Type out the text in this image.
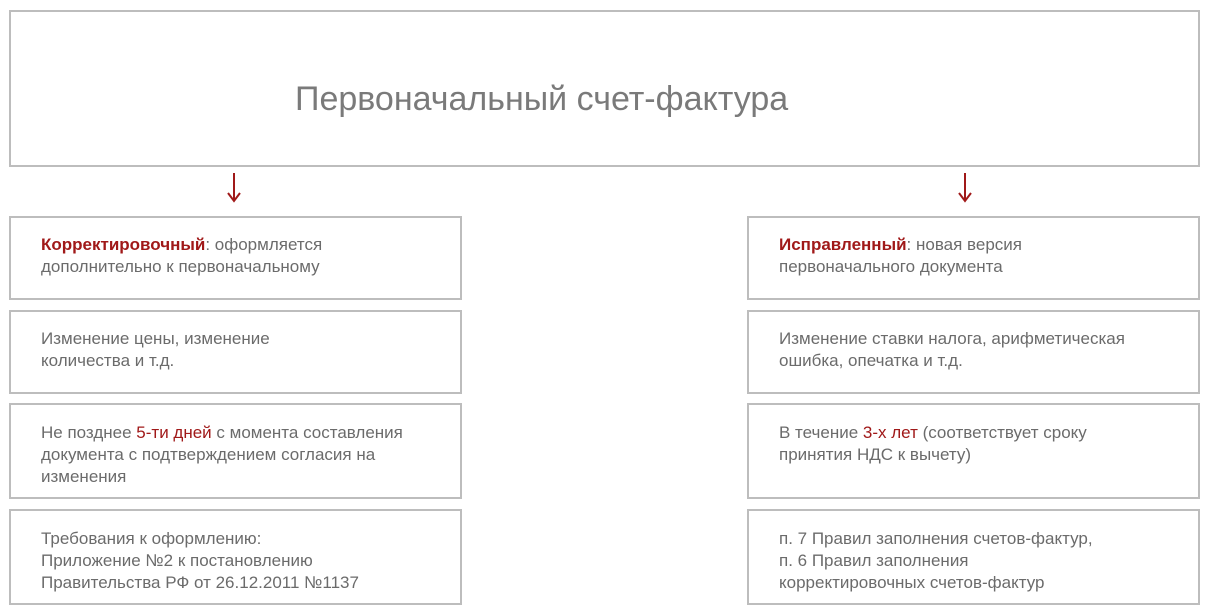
Первоначальный счет-фактура
Корректировочный: оформляется
дополнительно к первоначальному
Изменение цены, изменение
количества и т.д.
Не позднее 5-ти дней с момента составления
документа с подтверждением согласия на
изменения
Требования к оформлению:
Приложение №2 к постановлению
Правительства РФ от 26.12.2011 №1137
Исправленный: новая версия
первоначального документа
Изменение ставки налога, арифметическая
ошибка, опечатка и т.д.
В течение 3-х лет (соответствует сроку
принятия НДС к вычету)
п. 7 Правил заполнения счетов-фактур,
п. 6 Правил заполнения
корректировочных счетов-фактур
